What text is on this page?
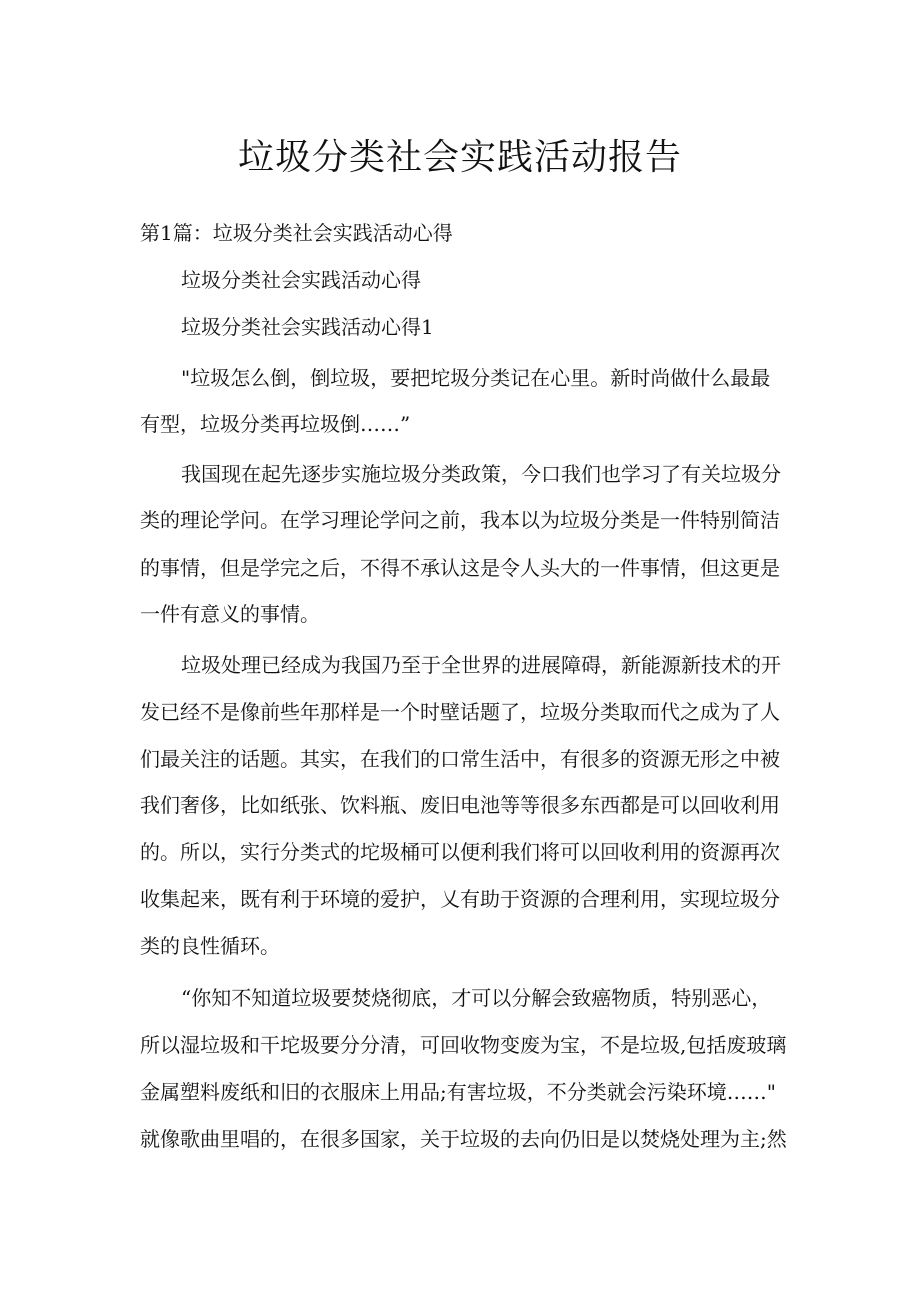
垃圾分类社会实践活动报告

第1篇：垃圾分类社会实践活动心得

垃圾分类社会实践活动心得

垃圾分类社会实践活动心得1

"垃圾怎么倒，倒垃圾，要把坨圾分类记在心里。新时尚做什么最最

有型，垃圾分类再垃圾倒……”

我国现在起先逐步实施垃圾分类政策，今口我们也学习了有关垃圾分

类的理论学问。在学习理论学问之前，我本以为垃圾分类是一件特别简洁

的事情，但是学完之后，不得不承认这是令人头大的一件事情，但这更是

一件有意义的事情。

垃圾处理已经成为我国乃至于全世界的进展障碍，新能源新技术的开

发已经不是像前些年那样是一个时壁话题了，垃圾分类取而代之成为了人

们最关注的话题。其实，在我们的口常生活中，有很多的资源无形之中被

我们奢侈，比如纸张、饮料瓶、废旧电池等等很多东西都是可以回收利用

的。所以，实行分类式的坨圾桶可以便利我们将可以回收利用的资源再次

收集起来，既有利于环境的爱护，乂有助于资源的合理利用，实现垃圾分

类的良性循环。

“你知不知道垃圾要焚烧彻底，才可以分解会致癌物质，特别恶心，

所以湿垃圾和干坨圾要分分清，可回收物变废为宝，不是垃圾,包括废玻璃

金属塑料废纸和旧的衣服床上用品;有害垃圾，不分类就会污染环境……"

就像歌曲里唱的，在很多国家，关于垃圾的去向仍旧是以焚烧处理为主;然
